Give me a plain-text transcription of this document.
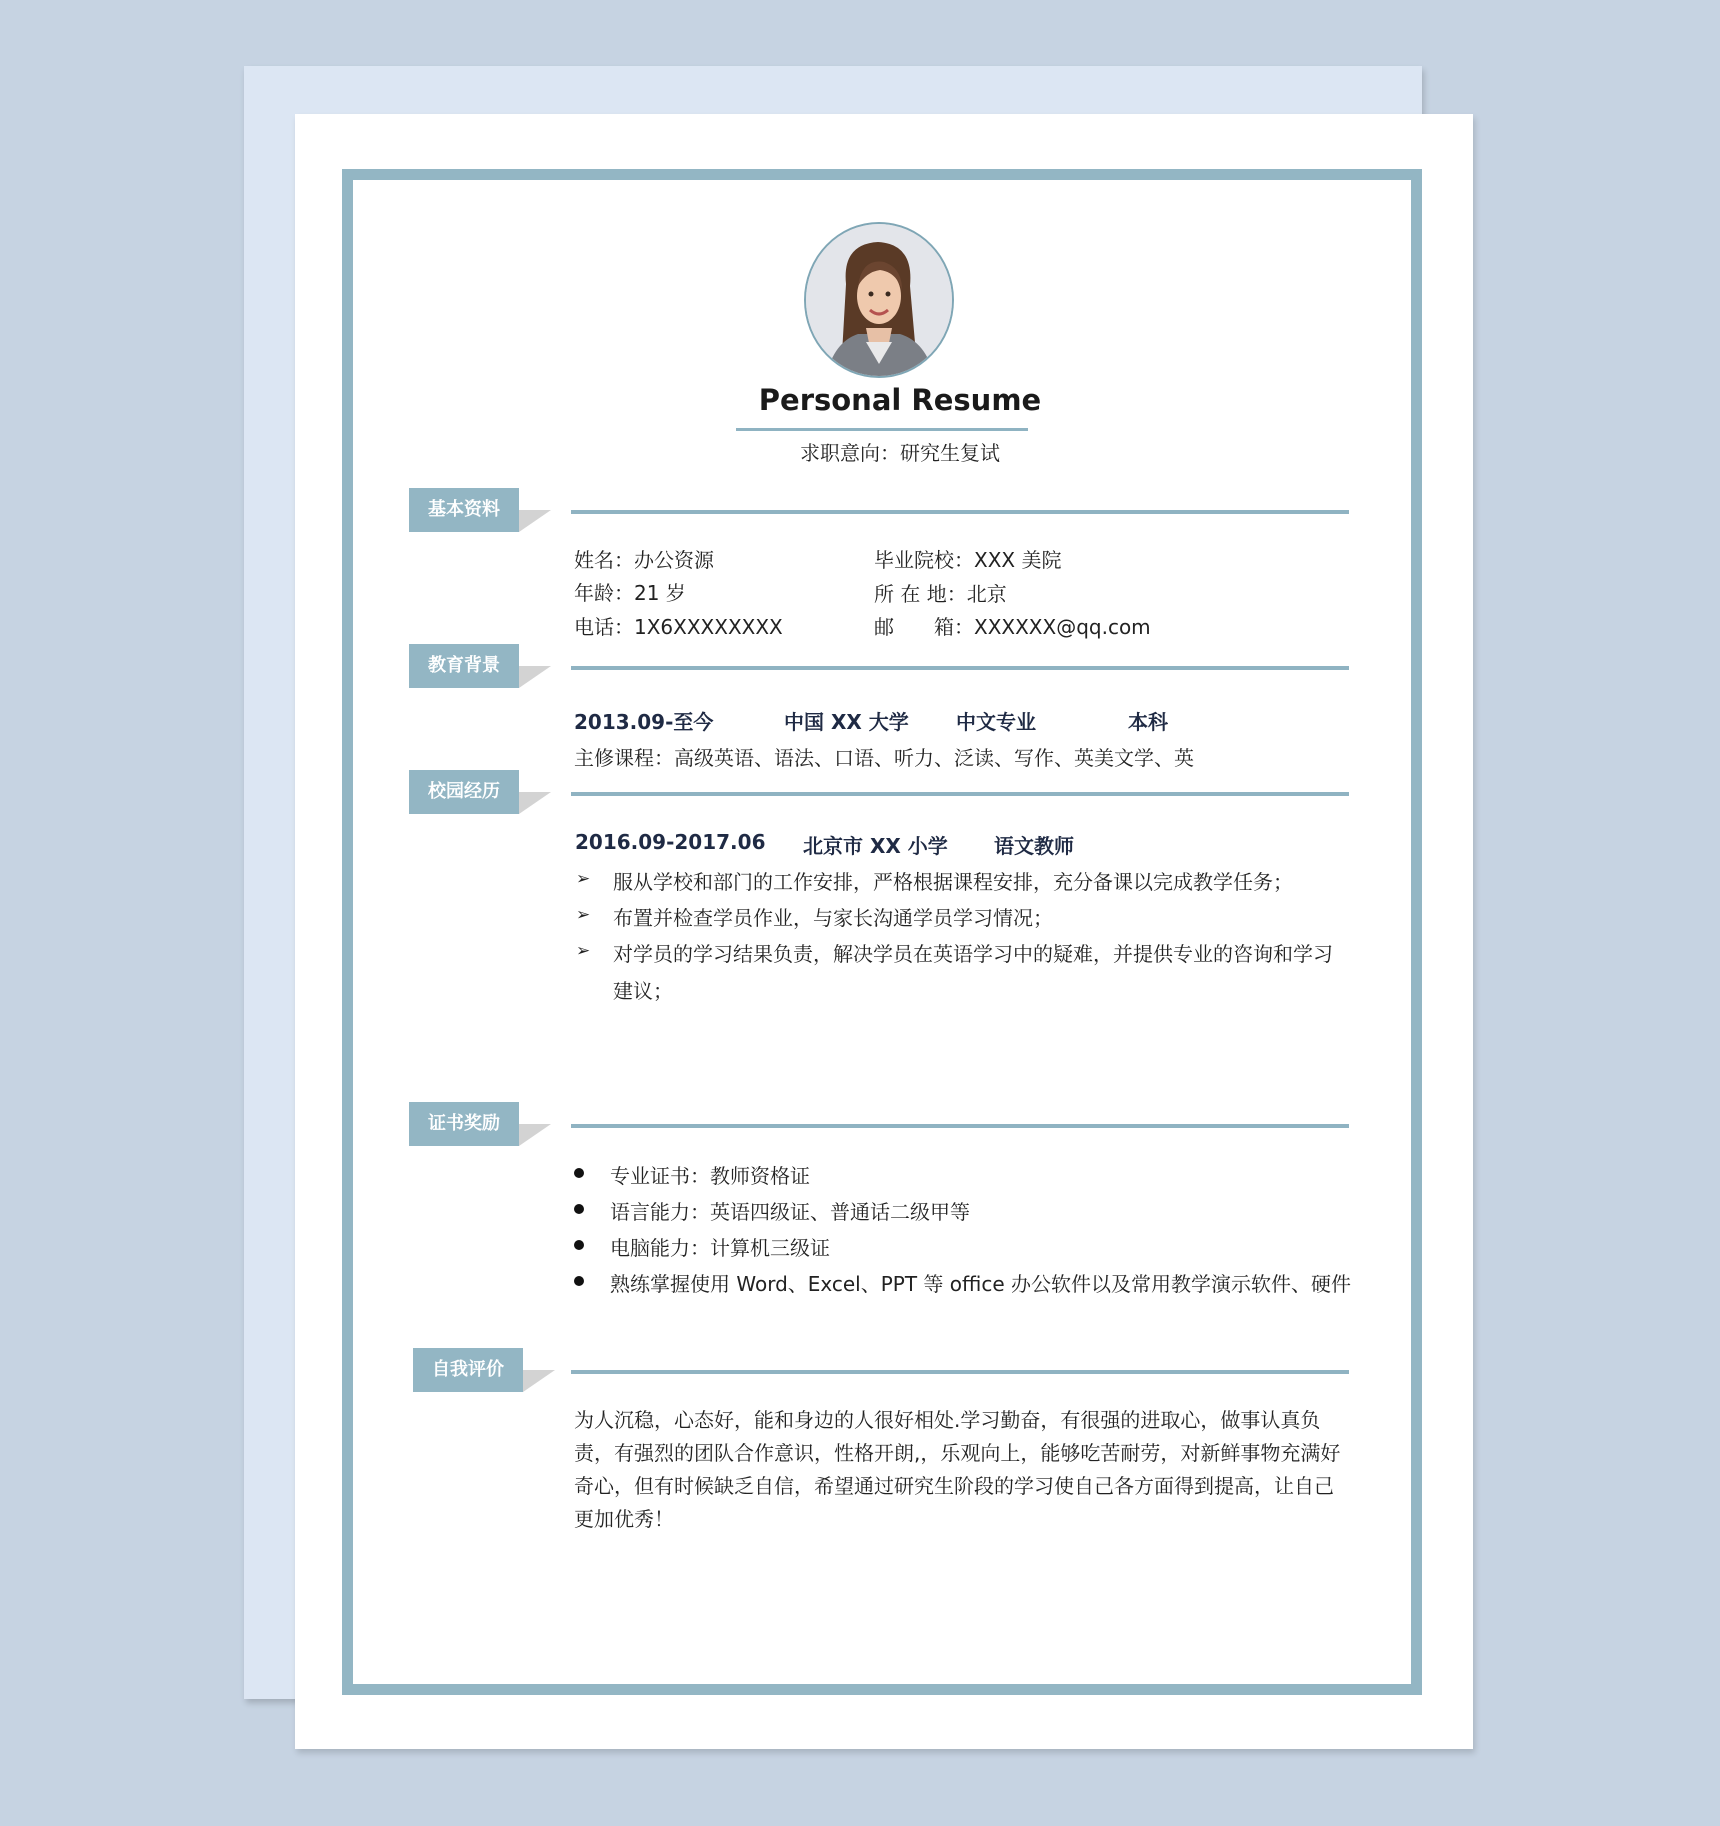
Personal Resume
求职意向：研究生复试
基本资料
姓名：办公资源
年龄：21 岁
电话：1X6XXXXXXXX
毕业院校：XXX 美院
所 在 地：北京
邮　　箱：XXXXXX@qq.com
教育背景
2013.09-至今	中国 XX 大学 中文专业	本科
主修课程：高级英语、语法、口语、听力、泛读、写作、英美文学、英
校园经历
2016.09-2017.06 北京市 XX 小学 语文教师
➢ 服从学校和部门的工作安排，严格根据课程安排，充分备课以完成教学任务；
➢ 布置并检查学员作业，与家长沟通学员学习情况；
➢ 对学员的学习结果负责，解决学员在英语学习中的疑难，并提供专业的咨询和学习
建议；
证书奖励
专业证书：教师资格证
语言能力：英语四级证、普通话二级甲等
电脑能力：计算机三级证
熟练掌握使用 Word、Excel、PPT 等 office 办公软件以及常用教学演示软件、硬件
自我评价
为人沉稳，心态好，能和身边的人很好相处.学习勤奋，有很强的进取心，做事认真负责，有强烈的团队合作意识，性格开朗,，乐观向上，能够吃苦耐劳，对新鲜事物充满好奇心，但有时候缺乏自信，希望通过研究生阶段的学习使自己各方面得到提高，让自己更加优秀！
